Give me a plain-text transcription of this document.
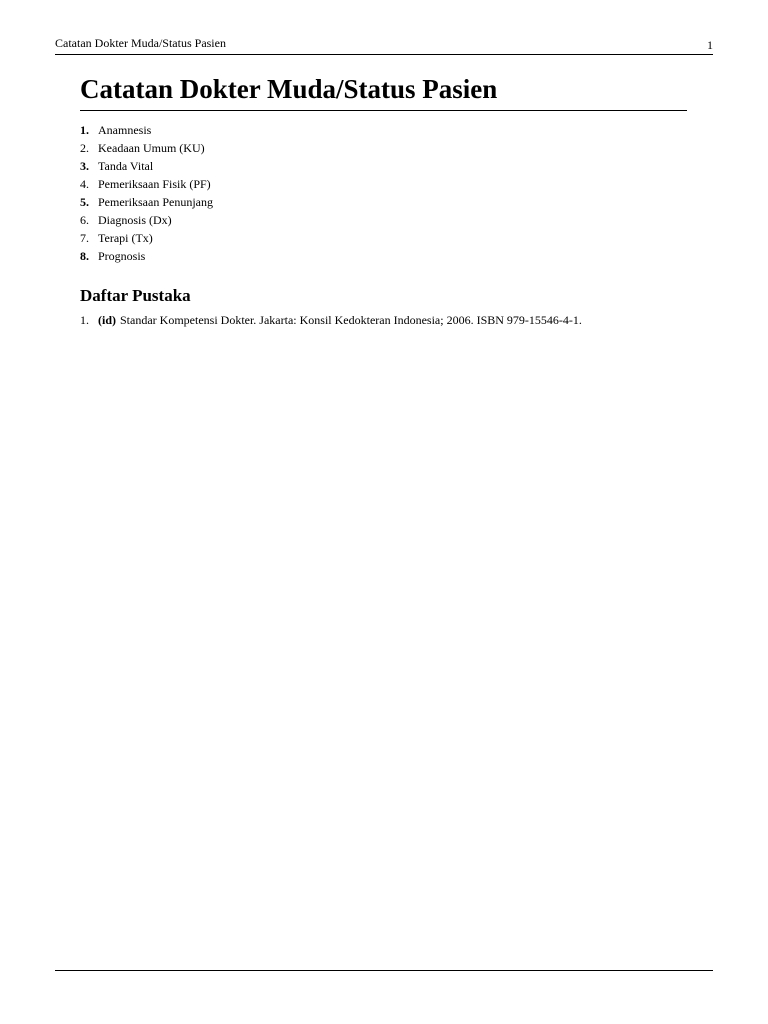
Catatan Dokter Muda/Status Pasien	1
Catatan Dokter Muda/Status Pasien
1. Anamnesis
2. Keadaan Umum (KU)
3. Tanda Vital
4. Pemeriksaan Fisik (PF)
5. Pemeriksaan Penunjang
6. Diagnosis (Dx)
7. Terapi (Tx)
8. Prognosis
Daftar Pustaka
1. (id) Standar Kompetensi Dokter. Jakarta: Konsil Kedokteran Indonesia; 2006. ISBN 979-15546-4-1.
